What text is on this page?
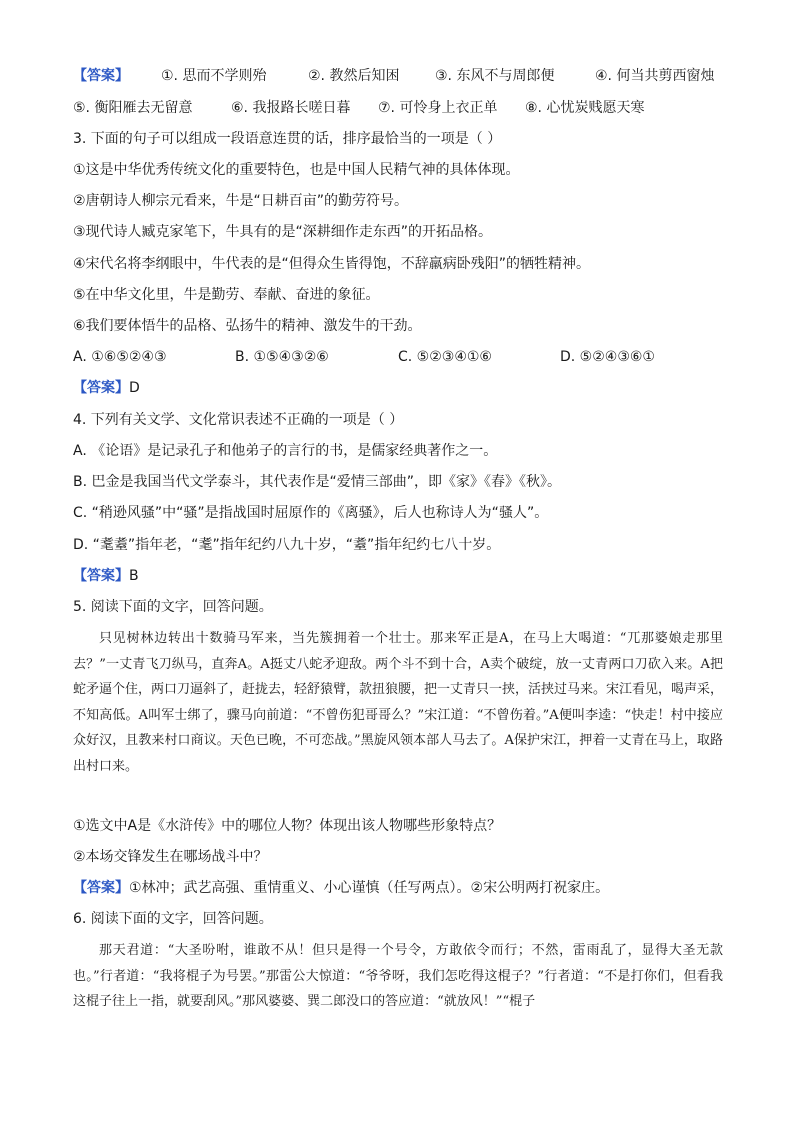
【答案】 ①. 思而不学则殆	②. 教然后知困	③. 东风不与周郎便	④. 何当共剪西窗烛
⑤. 衡阳雁去无留意	⑥. 我报路长嗟日暮 ⑦. 可怜身上衣正单 ⑧. 心忧炭贱愿天寒
3. 下面的句子可以组成一段语意连贯的话，排序最恰当的一项是（ ）
①这是中华优秀传统文化的重要特色，也是中国人民精气神的具体体现。
②唐朝诗人柳宗元看来，牛是“日耕百亩”的勤劳符号。
③现代诗人臧克家笔下，牛具有的是“深耕细作走东西”的开拓品格。
④宋代名将李纲眼中，牛代表的是“但得众生皆得饱，不辞羸病卧残阳”的牺牲精神。
⑤在中华文化里，牛是勤劳、奉献、奋进的象征。
⑥我们要体悟牛的品格、弘扬牛的精神、激发牛的干劲。
A. ①⑥⑤②④③	B. ①⑤④③②⑥	C. ⑤②③④①⑥	D. ⑤②④③⑥①
【答案】D
4. 下列有关文学、文化常识表述不正确的一项是（ ）
A. 《论语》是记录孔子和他弟子的言行的书，是儒家经典著作之一。
B. 巴金是我国当代文学泰斗，其代表作是“爱情三部曲”，即《家》《春》《秋》。
C. “稍逊风骚”中“骚”是指战国时屈原作的《离骚》，后人也称诗人为“骚人”。
D. “耄耋”指年老，“耄”指年纪约八九十岁，“耋”指年纪约七八十岁。
【答案】B
5. 阅读下面的文字，回答问题。
只见树林边转出十数骑马军来，当先簇拥着一个壮士。那来军正是A，在马上大喝道：“兀那婆娘走那里去？”一丈青飞刀纵马，直奔A。A挺丈八蛇矛迎敌。两个斗不到十合，A卖个破绽，放一丈青两口刀砍入来。A把蛇矛逼个住，两口刀逼斜了，赶拢去，轻舒猿臂，款扭狼腰，把一丈青只一挟，活挟过马来。宋江看见，喝声采，不知高低。A叫军士绑了，骤马向前道：“不曾伤犯哥哥么？”宋江道：“不曾伤着。”A便叫李逵：“快走！村中接应众好汉，且教来村口商议。天色已晚，不可恋战。”黑旋风领本部人马去了。A保护宋江，押着一丈青在马上，取路出村口来。
①选文中A是《水浒传》中的哪位人物？体现出该人物哪些形象特点？
②本场交锋发生在哪场战斗中？
【答案】①林冲；武艺高强、重情重义、小心谨慎（任写两点）。②宋公明两打祝家庄。
6. 阅读下面的文字，回答问题。
那天君道：“大圣吩咐，谁敢不从！但只是得一个号令，方敢依令而行；不然，雷雨乱了，显得大圣无款也。”行者道：“我将棍子为号罢。”那雷公大惊道：“爷爷呀，我们怎吃得这棍子？”行者道：“不是打你们，但看我这棍子往上一指，就要刮风。”那风婆婆、巽二郎没口的答应道：“就放风！”“棍子
